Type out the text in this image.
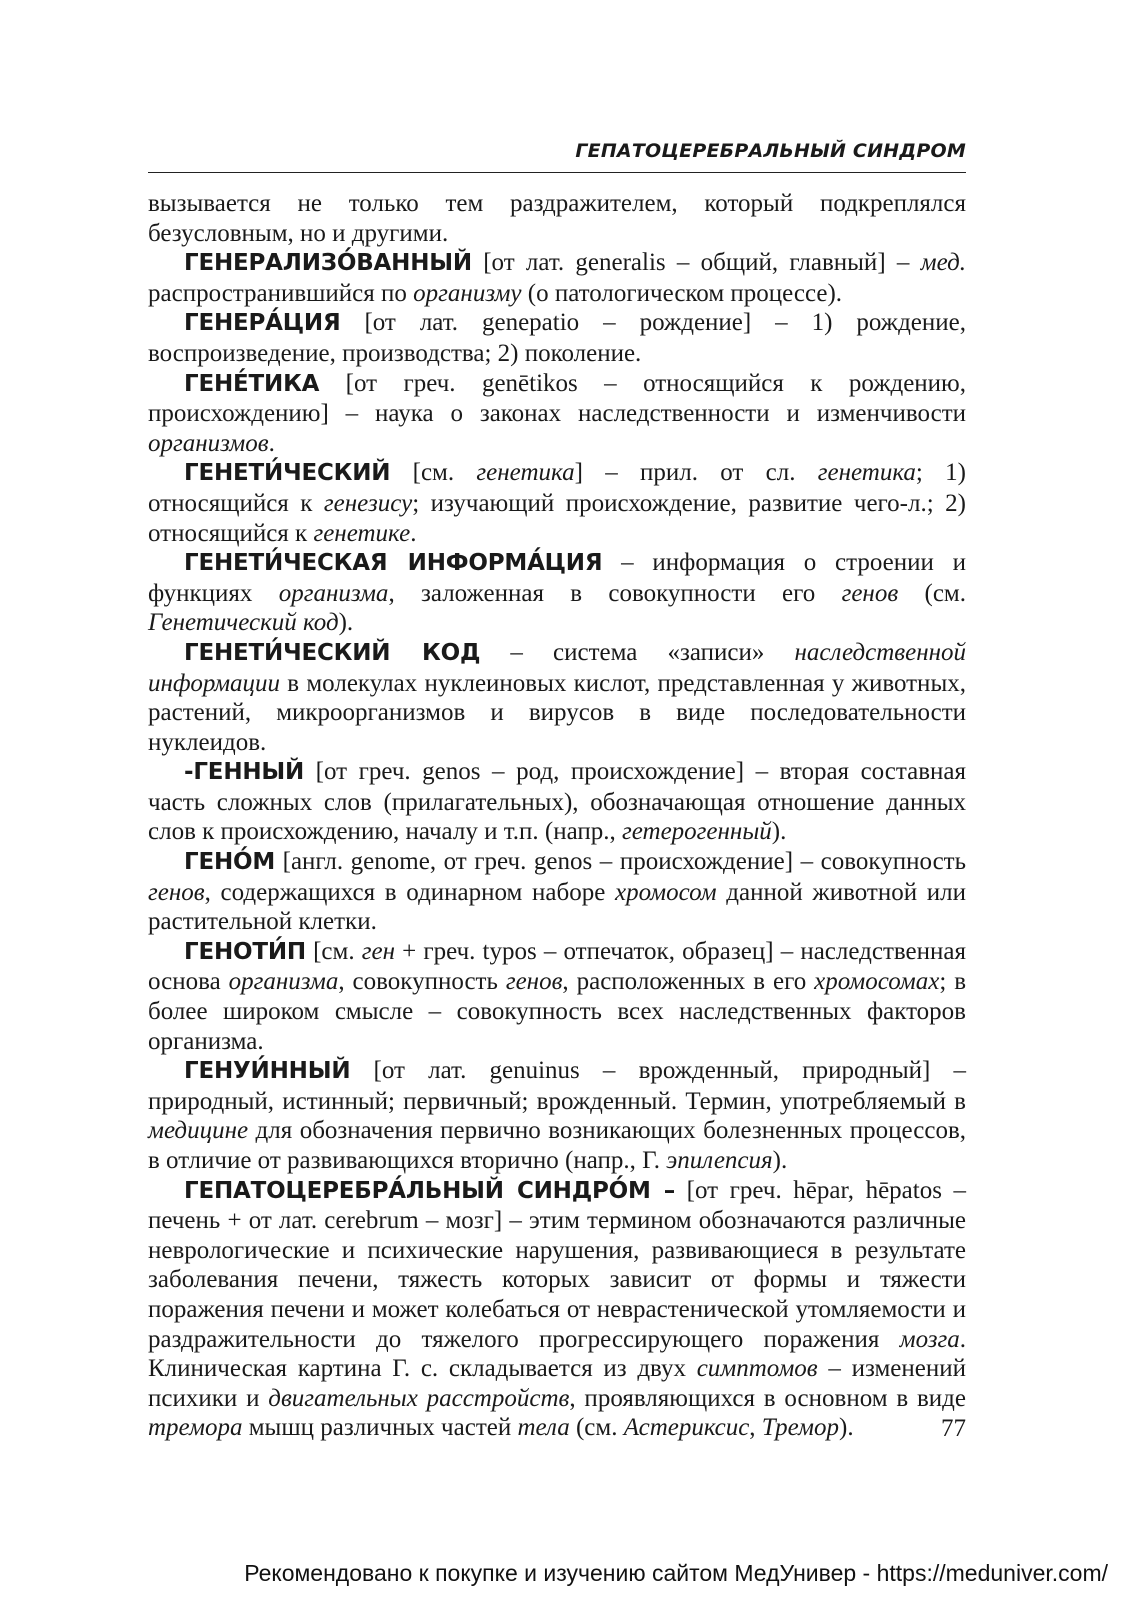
ГЕПАТОЦЕРЕБРАЛЬНЫЙ СИНДРОМ

вызывается не только тем раздражителем, который подкреплялся безусловным, но и другими.

ГЕНЕРАЛИЗО́ВАННЫЙ [от лат. generalis – общий, главный] – мед. распространившийся по организму (о патологическом процессе).

ГЕНЕРА́ЦИЯ [от лат. genepatio – рождение] – 1) рождение, воспроизведение, производства; 2) поколение.

ГЕНЕ́ТИКА [от греч. genētikos – относящийся к рождению, происхождению] – наука о законах наследственности и изменчивости организмов.

ГЕНЕТИ́ЧЕСКИЙ [см. генетика] – прил. от сл. генетика; 1) относящийся к генезису; изучающий происхождение, развитие чего-л.; 2) относящийся к генетике.

ГЕНЕТИ́ЧЕСКАЯ ИНФОРМА́ЦИЯ – информация о строении и функциях организма, заложенная в совокупности его генов (см. Генетический код).

ГЕНЕТИ́ЧЕСКИЙ КОД – система «записи» наследственной информации в молекулах нуклеиновых кислот, представленная у животных, растений, микроорганизмов и вирусов в виде последовательности нуклеидов.

-ГЕННЫЙ [от греч. genos – род, происхождение] – вторая составная часть сложных слов (прилагательных), обозначающая отношение данных слов к происхождению, началу и т.п. (напр., гетерогенный).

ГЕНО́М [англ. genome, от греч. genos – происхождение] – совокупность генов, содержащихся в одинарном наборе хромосом данной животной или растительной клетки.

ГЕНОТИ́П [см. ген + греч. typos – отпечаток, образец] – наследственная основа организма, совокупность генов, расположенных в его хромосомах; в более широком смысле – совокупность всех наследственных факторов организма.

ГЕНУИ́ННЫЙ [от лат. genuinus – врожденный, природный] – природный, истинный; первичный; врожденный. Термин, употребляемый в медицине для обозначения первично возникающих болезненных процессов, в отличие от развивающихся вторично (напр., Г. эпилепсия).

ГЕПАТОЦЕРЕБРА́ЛЬНЫЙ СИНДРО́М – [от греч. hēpar, hēpatos – печень + от лат. cerebrum – мозг] – этим термином обозначаются различные неврологические и психические нарушения, развивающиеся в результате заболевания печени, тяжесть которых зависит от формы и тяжести поражения печени и может колебаться от неврастенической утомляемости и раздражительности до тяжелого прогрессирующего поражения мозга. Клиническая картина Г. с. складывается из двух симптомов – изменений психики и двигательных расстройств, проявляющихся в основном в виде тремора мышц различных частей тела (см. Астериксис, Тремор).	77
Рекомендовано к покупке и изучению сайтом МедУнивер - https://meduniver.com/
